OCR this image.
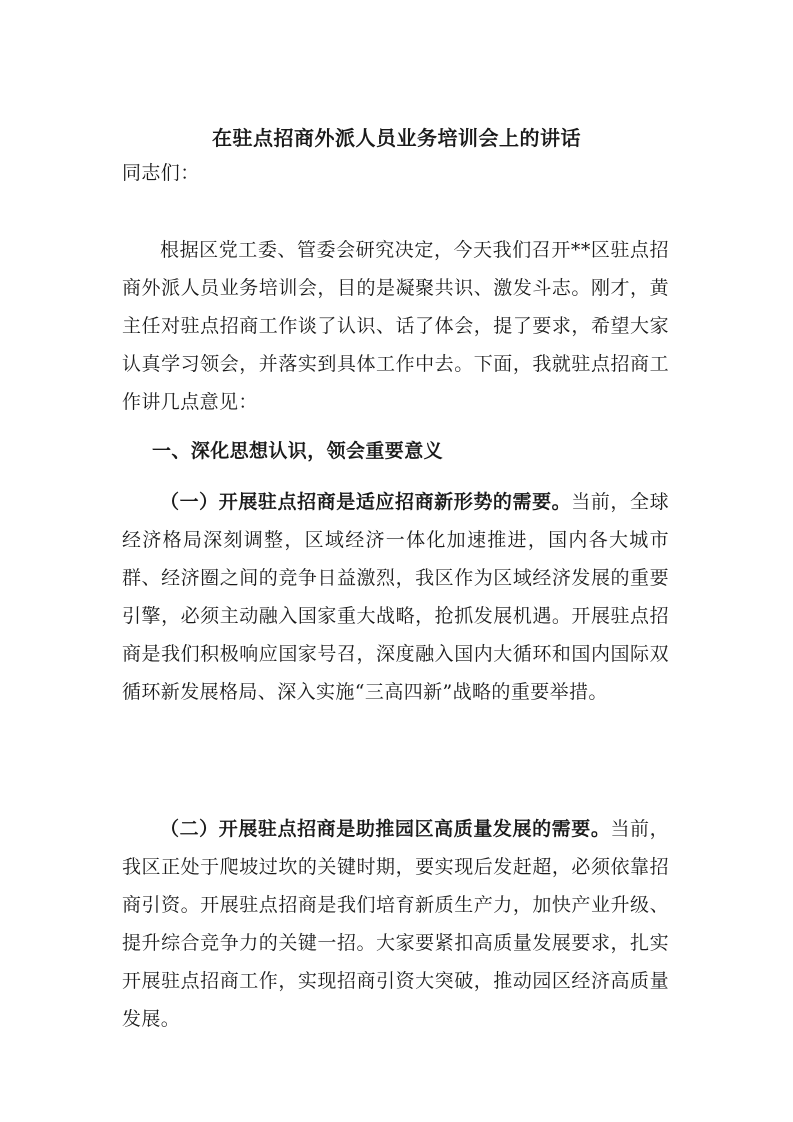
在驻点招商外派人员业务培训会上的讲话
同志们：
根据区党工委、管委会研究决定，今天我们召开**区驻点招商外派人员业务培训会，目的是凝聚共识、激发斗志。刚才，黄主任对驻点招商工作谈了认识、话了体会，提了要求，希望大家认真学习领会，并落实到具体工作中去。下面，我就驻点招商工作讲几点意见：
一、深化思想认识，领会重要意义
（一）开展驻点招商是适应招商新形势的需要。当前，全球经济格局深刻调整，区域经济一体化加速推进，国内各大城市群、经济圈之间的竞争日益激烈，我区作为区域经济发展的重要引擎，必须主动融入国家重大战略，抢抓发展机遇。开展驻点招商是我们积极响应国家号召，深度融入国内大循环和国内国际双循环新发展格局、深入实施“三高四新”战略的重要举措。
（二）开展驻点招商是助推园区高质量发展的需要。当前，我区正处于爬坡过坎的关键时期，要实现后发赶超，必须依靠招商引资。开展驻点招商是我们培育新质生产力，加快产业升级、提升综合竞争力的关键一招。大家要紧扣高质量发展要求，扎实开展驻点招商工作，实现招商引资大突破，推动园区经济高质量发展。
